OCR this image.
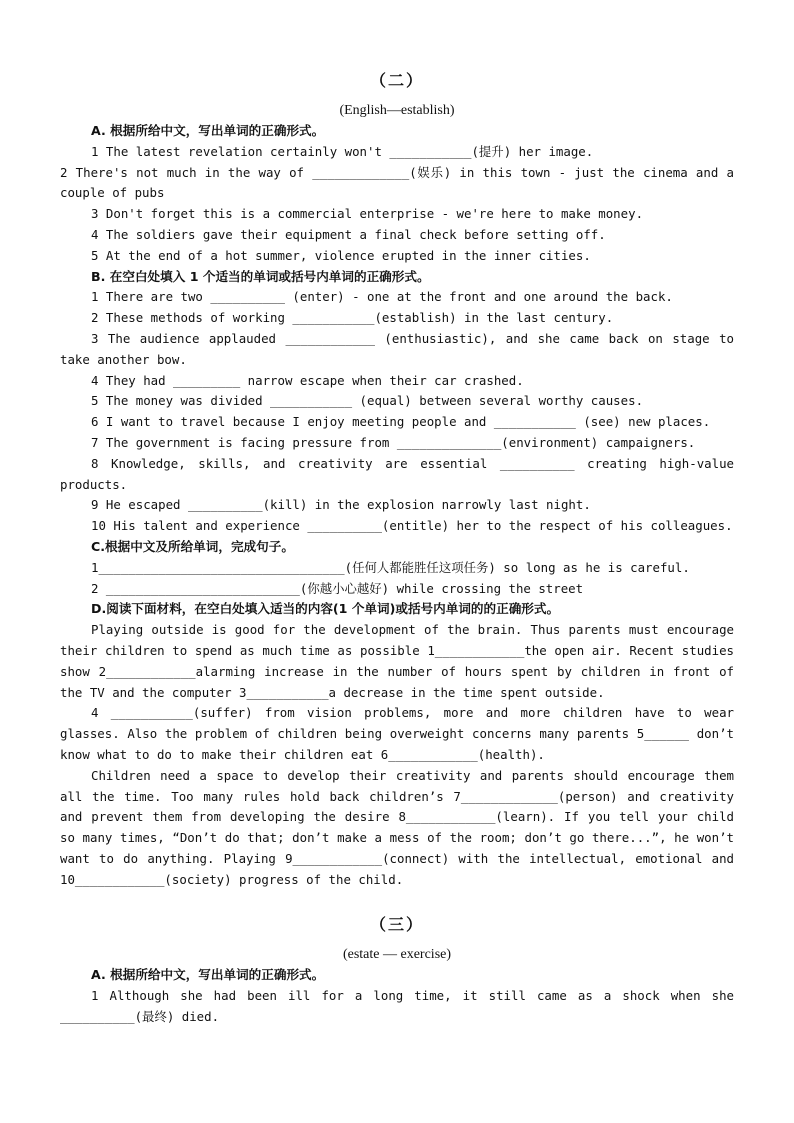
（二）
(English—establish)
A. 根据所给中文，写出单词的正确形式。
1 The latest revelation certainly won't ___________(提升) her image.
2 There's not much in the way of _____________(娱乐) in this town - just the cinema and a couple of pubs
3 Don't forget this is a commercial enterprise - we're here to make money.
4 The soldiers gave their equipment a final check before setting off.
5 At the end of a hot summer, violence erupted in the inner cities.
B. 在空白处填入 1 个适当的单词或括号内单词的正确形式。
1 There are two __________ (enter) - one at the front and one around the back.
2 These methods of working ___________(establish) in the last century.
3 The audience applauded ____________ (enthusiastic), and she came back on stage to take another bow.
4 They had _________ narrow escape when their car crashed.
5 The money was divided ___________ (equal) between several worthy causes.
6 I want to travel because I enjoy meeting people and ___________ (see) new places.
7 The government is facing pressure from ______________(environment) campaigners.
8 Knowledge, skills, and creativity are essential __________ creating high-value products.
9 He escaped __________(kill) in the explosion narrowly last night.
10 His talent and experience __________(entitle) her to the respect of his colleagues.
C.根据中文及所给单词，完成句子。
1_________________________________(任何人都能胜任这项任务) so long as he is careful.
2 __________________________(你越小心越好) while crossing the street
D.阅读下面材料，在空白处填入适当的内容(1 个单词)或括号内单词的的正确形式。
Playing outside is good for the development of the brain. Thus parents must encourage their children to spend as much time as possible 1____________the open air. Recent studies show 2____________alarming increase in the number of hours spent by children in front of the TV and the computer 3___________a decrease in the time spent outside.
4 ___________(suffer) from vision problems, more and more children have to wear glasses. Also the problem of children being overweight concerns many parents 5______ don’t know what to do to make their children eat 6____________(health).
Children need a space to develop their creativity and parents should encourage them all the time. Too many rules hold back children’s 7_____________(person) and creativity and prevent them from developing the desire 8____________(learn). If you tell your child so many times, “Don’t do that; don’t make a mess of the room; don’t go there...”, he won’t want to do anything. Playing 9____________(connect) with the intellectual, emotional and 10____________(society) progress of the child.
（三）
(estate — exercise)
A. 根据所给中文，写出单词的正确形式。
1 Although she had been ill for a long time, it still came as a shock when she __________(最终) died.
